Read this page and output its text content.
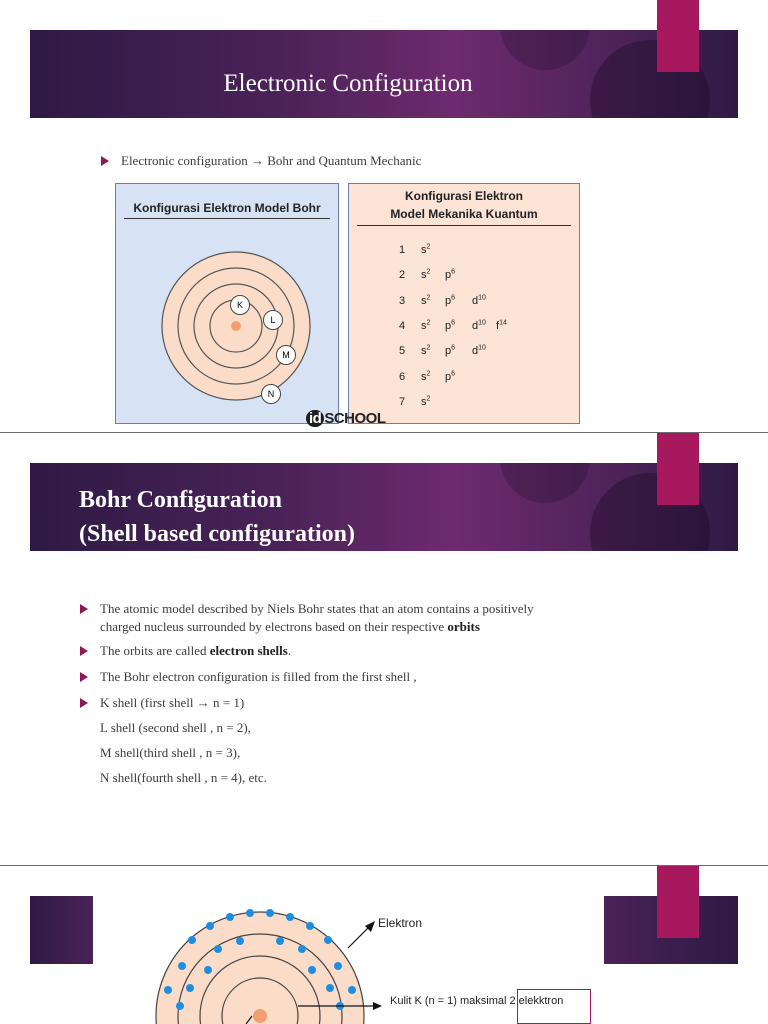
Electronic Configuration
Electronic configuration → Bohr and Quantum Mechanic
Konfigurasi Elektron Model Bohr
K
L
M
N
Konfigurasi Elektron
Model Mekanika Kuantum
1 $s^2$
2 $s^2$ $p^6$
3 $s^2$ $p^6$ $d^{10}$
4 $s^2$ $p^6$ $d^{10}$ $f^{14}$
5 $s^2$ $p^6$ $d^{10}$
6 $s^2$ $p^6$
7 $s^2$
id SCHOOL
Bohr Configuration
(Shell based configuration)
The atomic model described by Niels Bohr states that an atom contains a positively
charged nucleus surrounded by electrons based on their respective orbits
The orbits are called electron shells.
The Bohr electron configuration is filled from the first shell ,
K shell (first shell → n = 1)
L shell (second shell , n = 2),
M shell(third shell , n = 3),
N shell(fourth shell , n = 4), etc.
Elektron
Kulit K (n = 1) maksimal 2 elekktron
